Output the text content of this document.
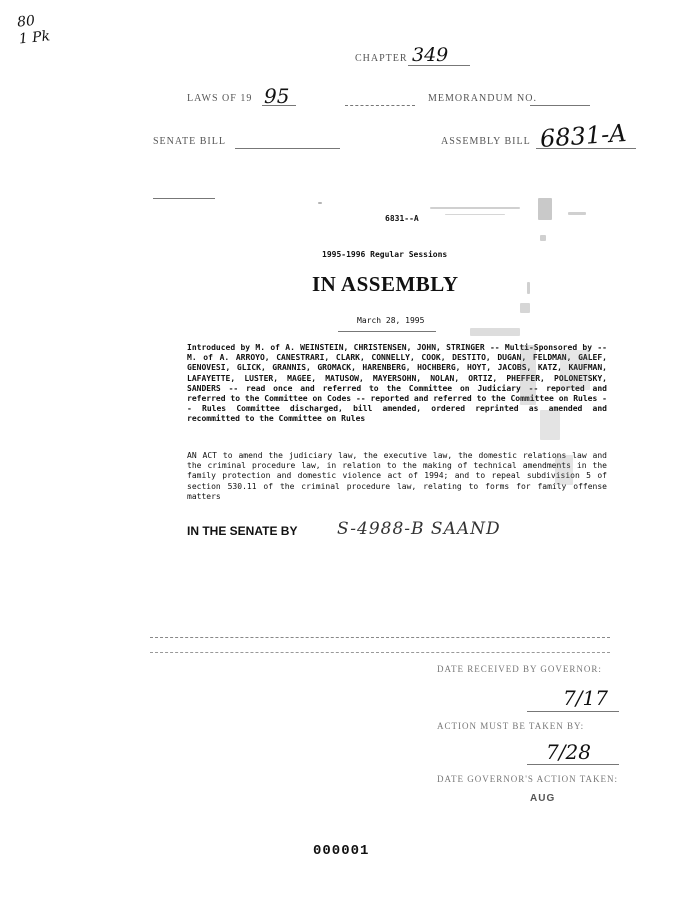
80
1 Pk
CHAPTER 349
LAWS OF 19 95	MEMORANDUM NO.
SENATE BILL	ASSEMBLY BILL 6831-A
6831--A
1995-1996 Regular Sessions
IN ASSEMBLY
March 28, 1995
Introduced by M. of A. WEINSTEIN, CHRISTENSEN, JOHN, STRINGER -- Multi-Sponsored by -- M. of A. ARROYO, CANESTRARI, CLARK, CONNELLY, COOK, DESTITO, DUGAN, FELDMAN, GALEF, GENOVESI, GLICK, GRANNIS, GROMACK, HARENBERG, HOCHBERG, HOYT, JACOBS, KATZ, KAUFMAN, LAFAYETTE, LUSTER, MAGEE, MATUSOW, MAYERSOHN, NOLAN, ORTIZ, PHEFFER, POLONETSKY, SANDERS -- read once and referred to the Committee on Judiciary -- reported and referred to the Committee on Codes -- reported and referred to the Committee on Rules -- Rules Committee discharged, bill amended, ordered reprinted as amended and recommitted to the Committee on Rules
AN ACT to amend the judiciary law, the executive law, the domestic relations law and the criminal procedure law, in relation to the making of technical amendments in the family protection and domestic violence act of 1994; and to repeal subdivision 5 of section 530.11 of the criminal procedure law, relating to forms for family offense matters
IN THE SENATE BY S-4988-B SAAND
DATE RECEIVED BY GOVERNOR:
7/17
ACTION MUST BE TAKEN BY:
7/28
DATE GOVERNOR'S ACTION TAKEN:
AUG
000001
